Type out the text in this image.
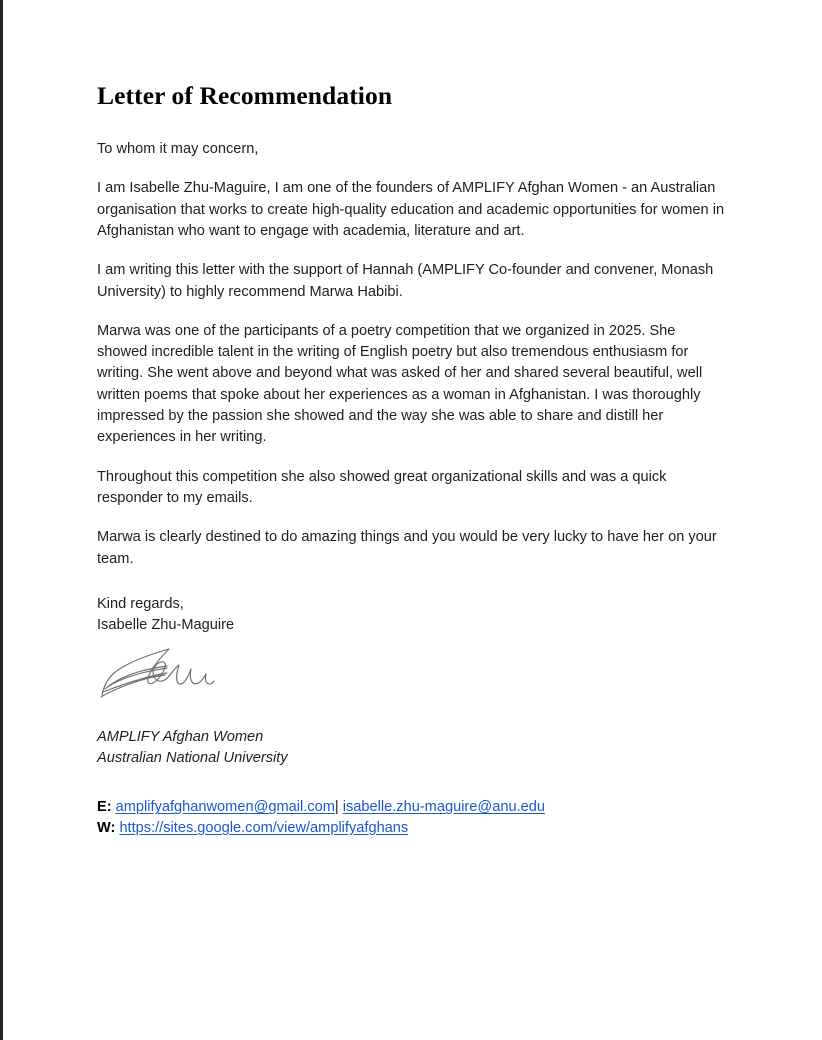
Letter of Recommendation

To whom it may concern,

I am Isabelle Zhu-Maguire, I am one of the founders of AMPLIFY Afghan Women - an Australian organisation that works to create high-quality education and academic opportunities for women in Afghanistan who want to engage with academia, literature and art.

I am writing this letter with the support of Hannah (AMPLIFY Co-founder and convener, Monash University) to highly recommend Marwa Habibi.

Marwa was one of the participants of a poetry competition that we organized in 2025. She showed incredible talent in the writing of English poetry but also tremendous enthusiasm for writing. She went above and beyond what was asked of her and shared several beautiful, well written poems that spoke about her experiences as a woman in Afghanistan. I was thoroughly impressed by the passion she showed and the way she was able to share and distill her experiences in her writing.

Throughout this competition she also showed great organizational skills and was a quick responder to my emails.

Marwa is clearly destined to do amazing things and you would be very lucky to have her on your team.

Kind regards,

Isabelle Zhu-Maguire

AMPLIFY Afghan Women

Australian National University

E: amplifyafghanwomen@gmail.com| isabelle.zhu-maguire@anu.edu

W: https://sites.google.com/view/amplifyafghans
